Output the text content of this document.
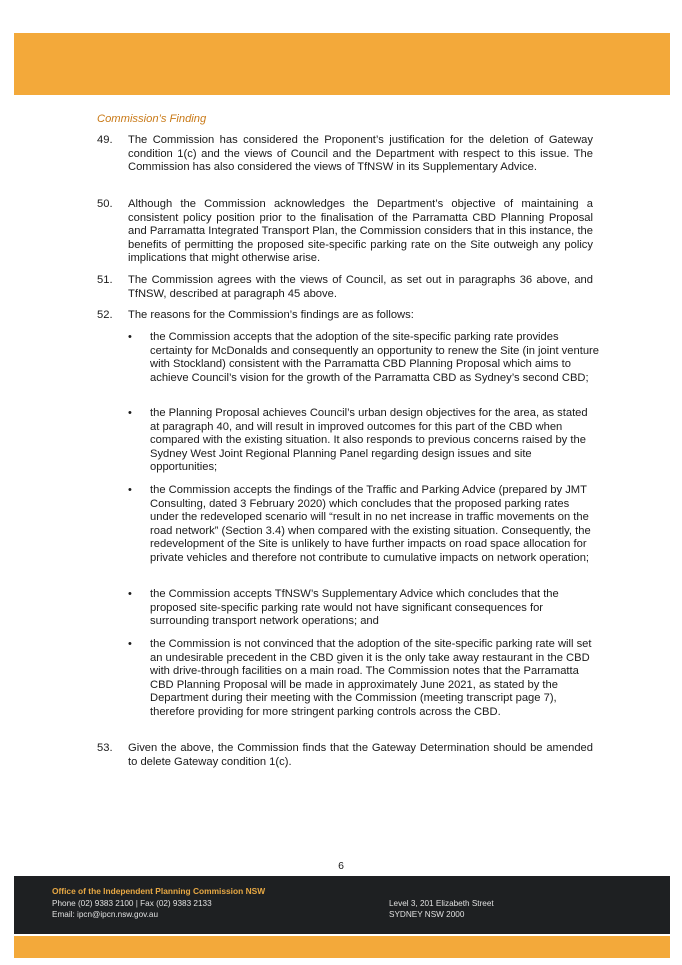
Commission’s Finding
49.	The Commission has considered the Proponent’s justification for the deletion of Gateway condition 1(c) and the views of Council and the Department with respect to this issue. The Commission has also considered the views of TfNSW in its Supplementary Advice.
50.	Although the Commission acknowledges the Department’s objective of maintaining a consistent policy position prior to the finalisation of the Parramatta CBD Planning Proposal and Parramatta Integrated Transport Plan, the Commission considers that in this instance, the benefits of permitting the proposed site-specific parking rate on the Site outweigh any policy implications that might otherwise arise.
51.	The Commission agrees with the views of Council, as set out in paragraphs 36 above, and TfNSW, described at paragraph 45 above.
52.	The reasons for the Commission’s findings are as follows:
• the Commission accepts that the adoption of the site-specific parking rate provides certainty for McDonalds and consequently an opportunity to renew the Site (in joint venture with Stockland) consistent with the Parramatta CBD Planning Proposal which aims to achieve Council’s vision for the growth of the Parramatta CBD as Sydney’s second CBD;
• the Planning Proposal achieves Council’s urban design objectives for the area, as stated at paragraph 40, and will result in improved outcomes for this part of the CBD when compared with the existing situation. It also responds to previous concerns raised by the Sydney West Joint Regional Planning Panel regarding design issues and site opportunities;
• the Commission accepts the findings of the Traffic and Parking Advice (prepared by JMT Consulting, dated 3 February 2020) which concludes that the proposed parking rates under the redeveloped scenario will “result in no net increase in traffic movements on the road network” (Section 3.4) when compared with the existing situation. Consequently, the redevelopment of the Site is unlikely to have further impacts on road space allocation for private vehicles and therefore not contribute to cumulative impacts on network operation;
• the Commission accepts TfNSW’s Supplementary Advice which concludes that the proposed site-specific parking rate would not have significant consequences for surrounding transport network operations; and
• the Commission is not convinced that the adoption of the site-specific parking rate will set an undesirable precedent in the CBD given it is the only take away restaurant in the CBD with drive-through facilities on a main road. The Commission notes that the Parramatta CBD Planning Proposal will be made in approximately June 2021, as stated by the Department during their meeting with the Commission (meeting transcript page 7), therefore providing for more stringent parking controls across the CBD.
53.	Given the above, the Commission finds that the Gateway Determination should be amended to delete Gateway condition 1(c).
6
Office of the Independent Planning Commission NSW
Phone (02) 9383 2100 | Fax (02) 9383 2133
Email: ipcn@ipcn.nsw.gov.au
Level 3, 201 Elizabeth Street
SYDNEY NSW 2000
